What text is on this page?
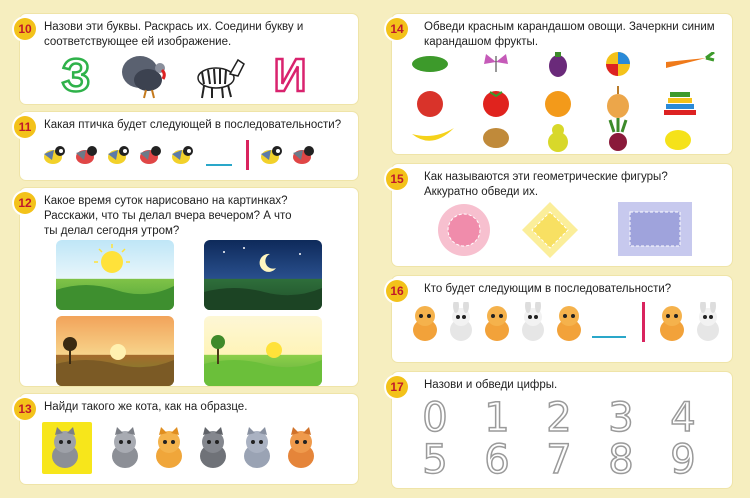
10	Назови эти буквы. Раскрась их. Соедини букву и соответствующее ей изображение.
З	И
11	Какая птичка будет следующей в последовательности?
12	Какое время суток нарисовано на картинках? Расскажи, что ты делал вчера вечером? А что ты делал сегодня утром?
13	Найди такого же кота, как на образце.
14	Обведи красным карандашом овощи. Зачеркни синим карандашом фрукты.
15	Как называются эти геометрические фигуры? Аккуратно обведи их.
16	Кто будет следующим в последовательности?
17	Назови и обведи цифры.
0 1 2 3 4
5 6 7 8 9
